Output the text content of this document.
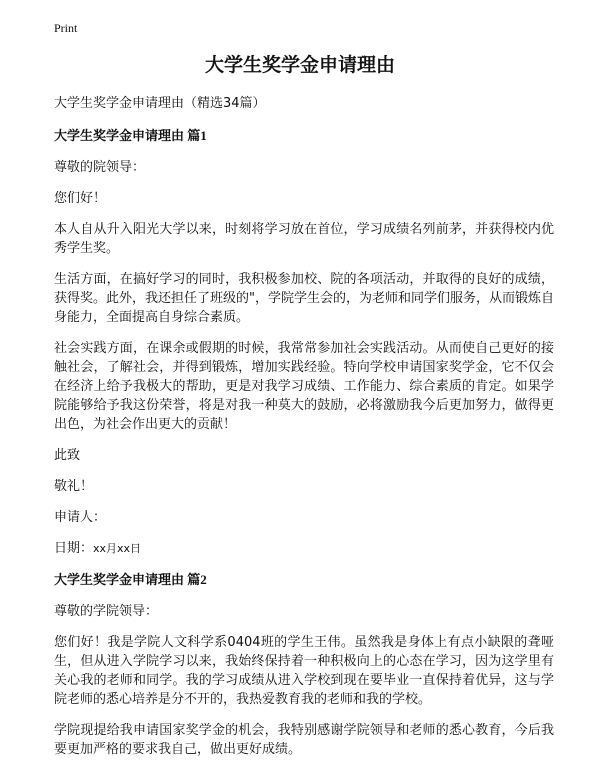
Print
大学生奖学金申请理由

大学生奖学金申请理由（精选34篇）

大学生奖学金申请理由 篇1

尊敬的院领导：

您们好！

本人自从升入阳光大学以来，时刻将学习放在首位，学习成绩名列前茅，并获得校内优秀学生奖。

生活方面，在搞好学习的同时，我积极参加校、院的各项活动，并取得的良好的成绩，获得奖。此外，我还担任了班级的"，学院学生会的，为老师和同学们服务，从而锻炼自身能力，全面提高自身综合素质。

社会实践方面，在课余或假期的时候，我常常参加社会实践活动。从而使自己更好的接触社会，了解社会，并得到锻炼，增加实践经验。特向学校申请国家奖学金，它不仅会在经济上给予我极大的帮助，更是对我学习成绩、工作能力、综合素质的肯定。如果学院能够给予我这份荣誉，将是对我一种莫大的鼓励，必将激励我今后更加努力，做得更出色，为社会作出更大的贡献！

此致

敬礼！

申请人：

日期：xx月xx日

大学生奖学金申请理由 篇2

尊敬的学院领导：

您们好！我是学院人文科学系0404班的学生王伟。虽然我是身体上有点小缺限的聋哑生，但从进入学院学习以来，我始终保持着一种积极向上的心态在学习，因为这学里有关心我的老师和同学。我的学习成绩从进入学校到现在要毕业一直保持着优异，这与学院老师的悉心培养是分不开的，我热爱教育我的老师和我的学校。

学院现提给我申请国家奖学金的机会，我特别感谢学院领导和老师的悉心教育，今后我要更加严格的要求我自己，做出更好成绩。
